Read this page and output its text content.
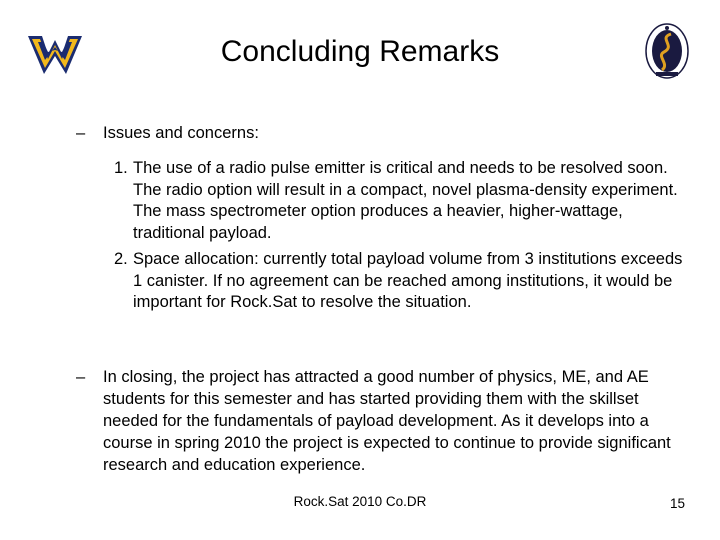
Concluding Remarks
– Issues and concerns:
1. The use of a radio pulse emitter is critical and needs to be resolved soon. The radio option will result in a compact, novel plasma-density experiment. The mass spectrometer option produces a heavier, higher-wattage, traditional payload.
2. Space allocation: currently total payload volume from 3 institutions exceeds 1 canister. If no agreement can be reached among institutions, it would be important for Rock.Sat to resolve the situation.
– In closing, the project has attracted a good number of physics, ME, and AE students for this semester and has started providing them with the skillset needed for the fundamentals of payload development. As it develops into a course in spring 2010 the project is expected to continue to provide significant research and education experience.
Rock.Sat 2010 Co.DR	15
